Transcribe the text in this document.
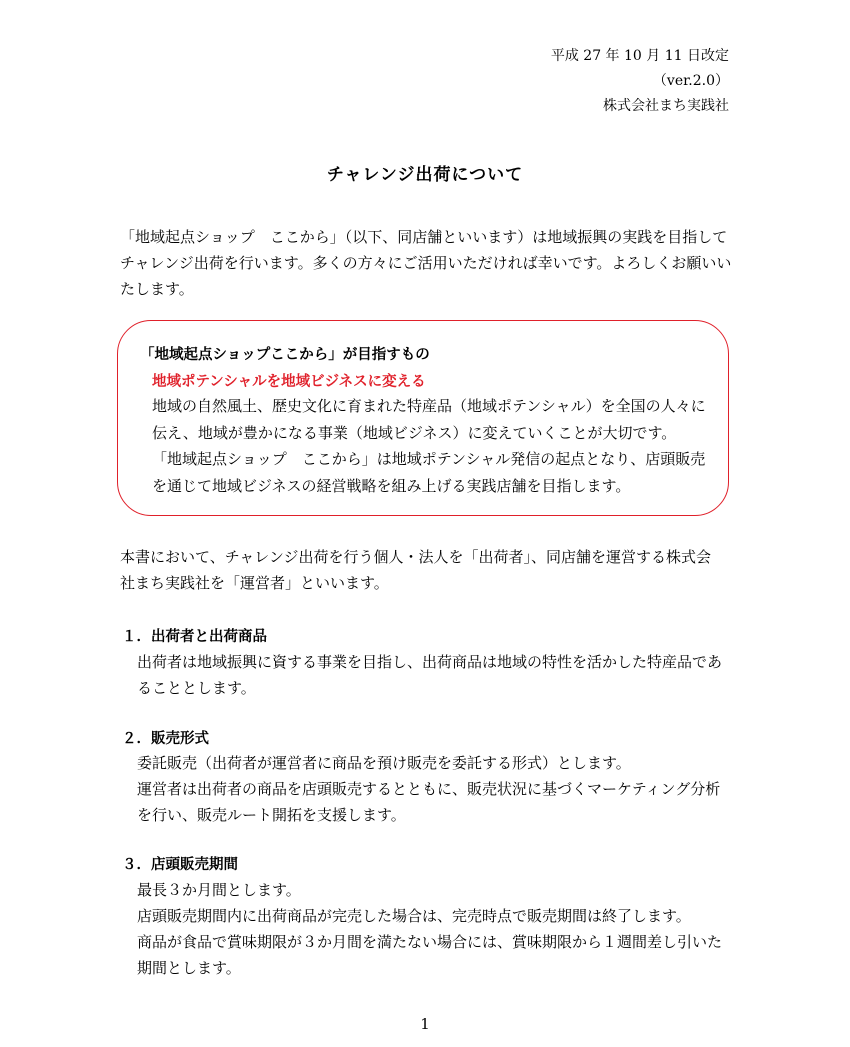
平成 27 年 10 月 11 日改定
（ver.2.0）
株式会社まち実践社
チャレンジ出荷について
「地域起点ショップ　ここから」（以下、同店舗といいます）は地域振興の実践を目指して
チャレンジ出荷を行います。多くの方々にご活用いただければ幸いです。よろしくお願いい
たします。
「地域起点ショップここから」が目指すもの
地域ポテンシャルを地域ビジネスに変える
地域の自然風土、歴史文化に育まれた特産品（地域ポテンシャル）を全国の人々に
伝え、地域が豊かになる事業（地域ビジネス）に変えていくことが大切です。
「地域起点ショップ　ここから」は地域ポテンシャル発信の起点となり、店頭販売
を通じて地域ビジネスの経営戦略を組み上げる実践店舗を目指します。
本書において、チャレンジ出荷を行う個人・法人を「出荷者」、同店舗を運営する株式会
社まち実践社を「運営者」といいます。
１．出荷者と出荷商品
出荷者は地域振興に資する事業を目指し、出荷商品は地域の特性を活かした特産品であ
ることとします。
２．販売形式
委託販売（出荷者が運営者に商品を預け販売を委託する形式）とします。
運営者は出荷者の商品を店頭販売するとともに、販売状況に基づくマーケティング分析
を行い、販売ルート開拓を支援します。
３．店頭販売期間
最長３か月間とします。
店頭販売期間内に出荷商品が完売した場合は、完売時点で販売期間は終了します。
商品が食品で賞味期限が３か月間を満たない場合には、賞味期限から１週間差し引いた
期間とします。
1
